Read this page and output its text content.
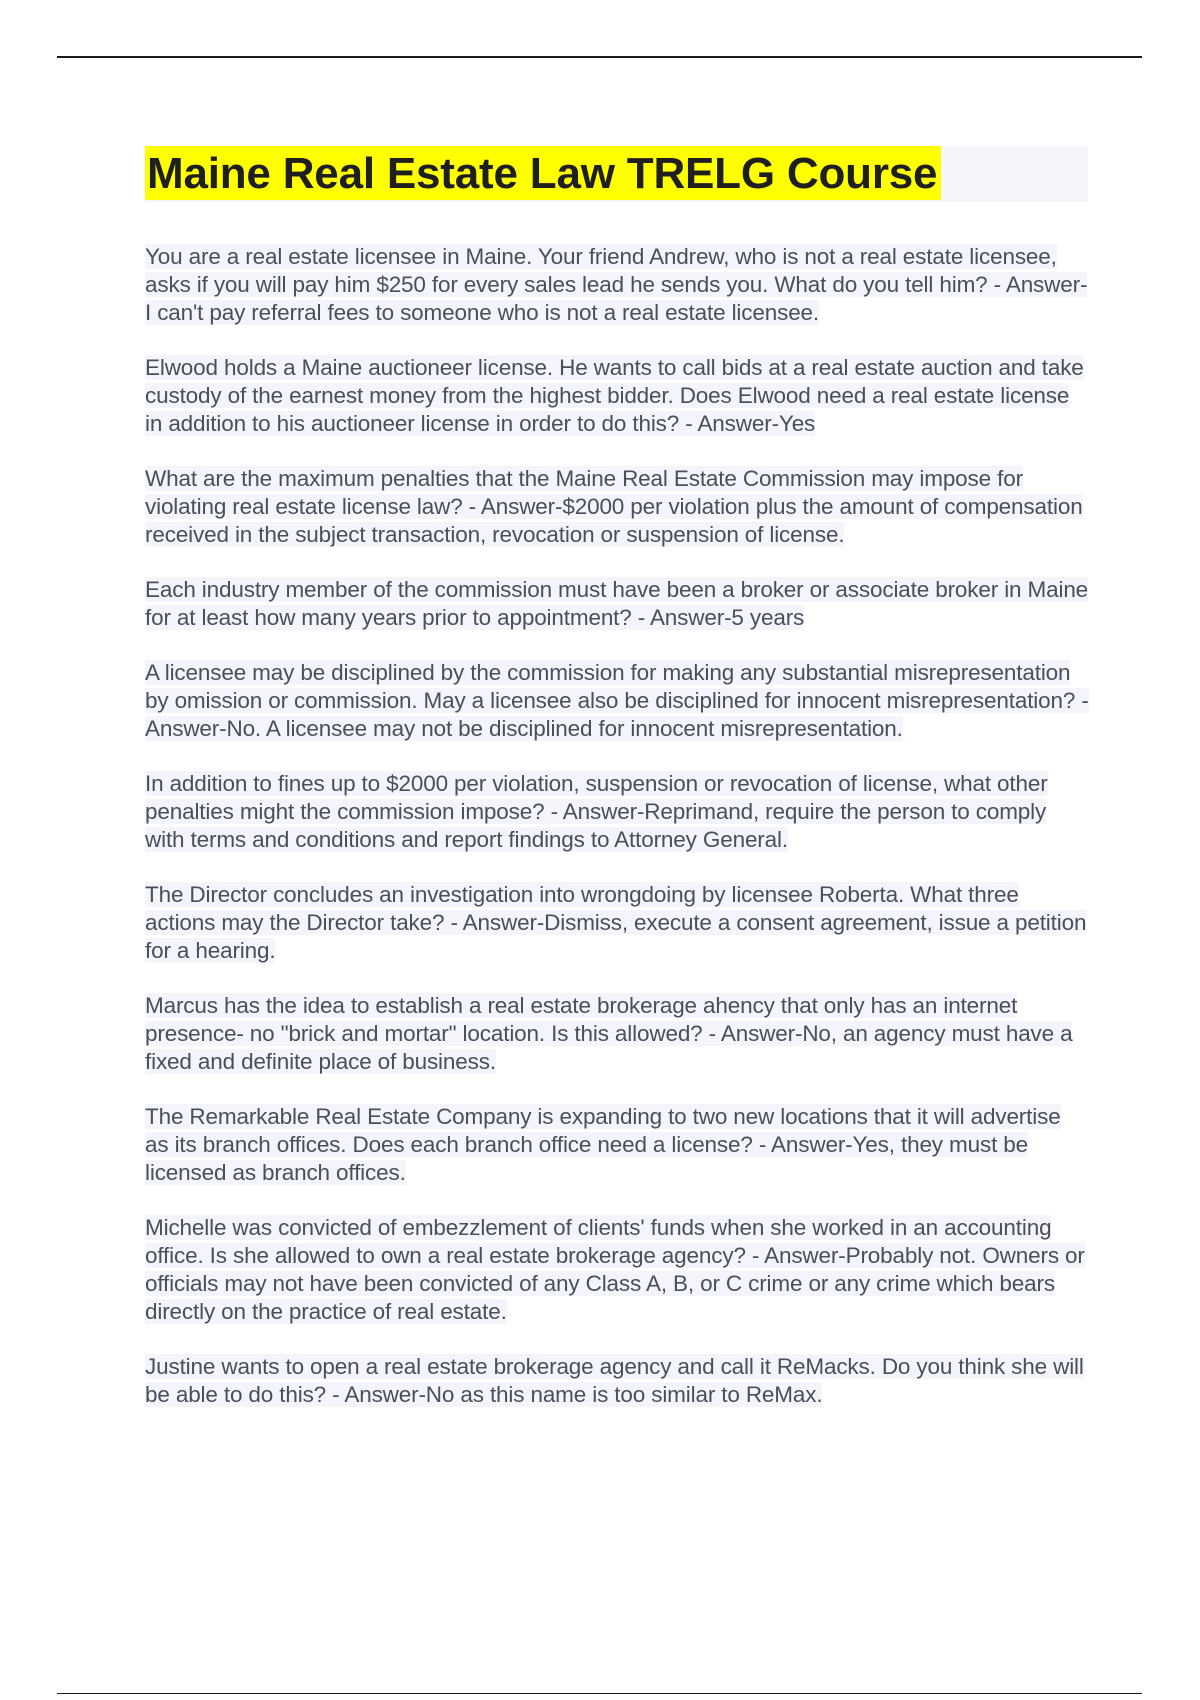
Maine Real Estate Law TRELG Course

You are a real estate licensee in Maine. Your friend Andrew, who is not a real estate licensee, asks if you will pay him $250 for every sales lead he sends you. What do you tell him? - Answer-I can't pay referral fees to someone who is not a real estate licensee.

Elwood holds a Maine auctioneer license. He wants to call bids at a real estate auction and take custody of the earnest money from the highest bidder. Does Elwood need a real estate license in addition to his auctioneer license in order to do this? - Answer-Yes

What are the maximum penalties that the Maine Real Estate Commission may impose for violating real estate license law? - Answer-$2000 per violation plus the amount of compensation received in the subject transaction, revocation or suspension of license.

Each industry member of the commission must have been a broker or associate broker in Maine for at least how many years prior to appointment? - Answer-5 years

A licensee may be disciplined by the commission for making any substantial misrepresentation by omission or commission. May a licensee also be disciplined for innocent misrepresentation? - Answer-No. A licensee may not be disciplined for innocent misrepresentation.

In addition to fines up to $2000 per violation, suspension or revocation of license, what other penalties might the commission impose? - Answer-Reprimand, require the person to comply with terms and conditions and report findings to Attorney General.

The Director concludes an investigation into wrongdoing by licensee Roberta. What three actions may the Director take? - Answer-Dismiss, execute a consent agreement, issue a petition for a hearing.

Marcus has the idea to establish a real estate brokerage ahency that only has an internet presence- no "brick and mortar" location. Is this allowed? - Answer-No, an agency must have a fixed and definite place of business.

The Remarkable Real Estate Company is expanding to two new locations that it will advertise as its branch offices. Does each branch office need a license? - Answer-Yes, they must be licensed as branch offices.

Michelle was convicted of embezzlement of clients' funds when she worked in an accounting office. Is she allowed to own a real estate brokerage agency? - Answer-Probably not. Owners or officials may not have been convicted of any Class A, B, or C crime or any crime which bears directly on the practice of real estate.

Justine wants to open a real estate brokerage agency and call it ReMacks. Do you think she will be able to do this? - Answer-No as this name is too similar to ReMax.
